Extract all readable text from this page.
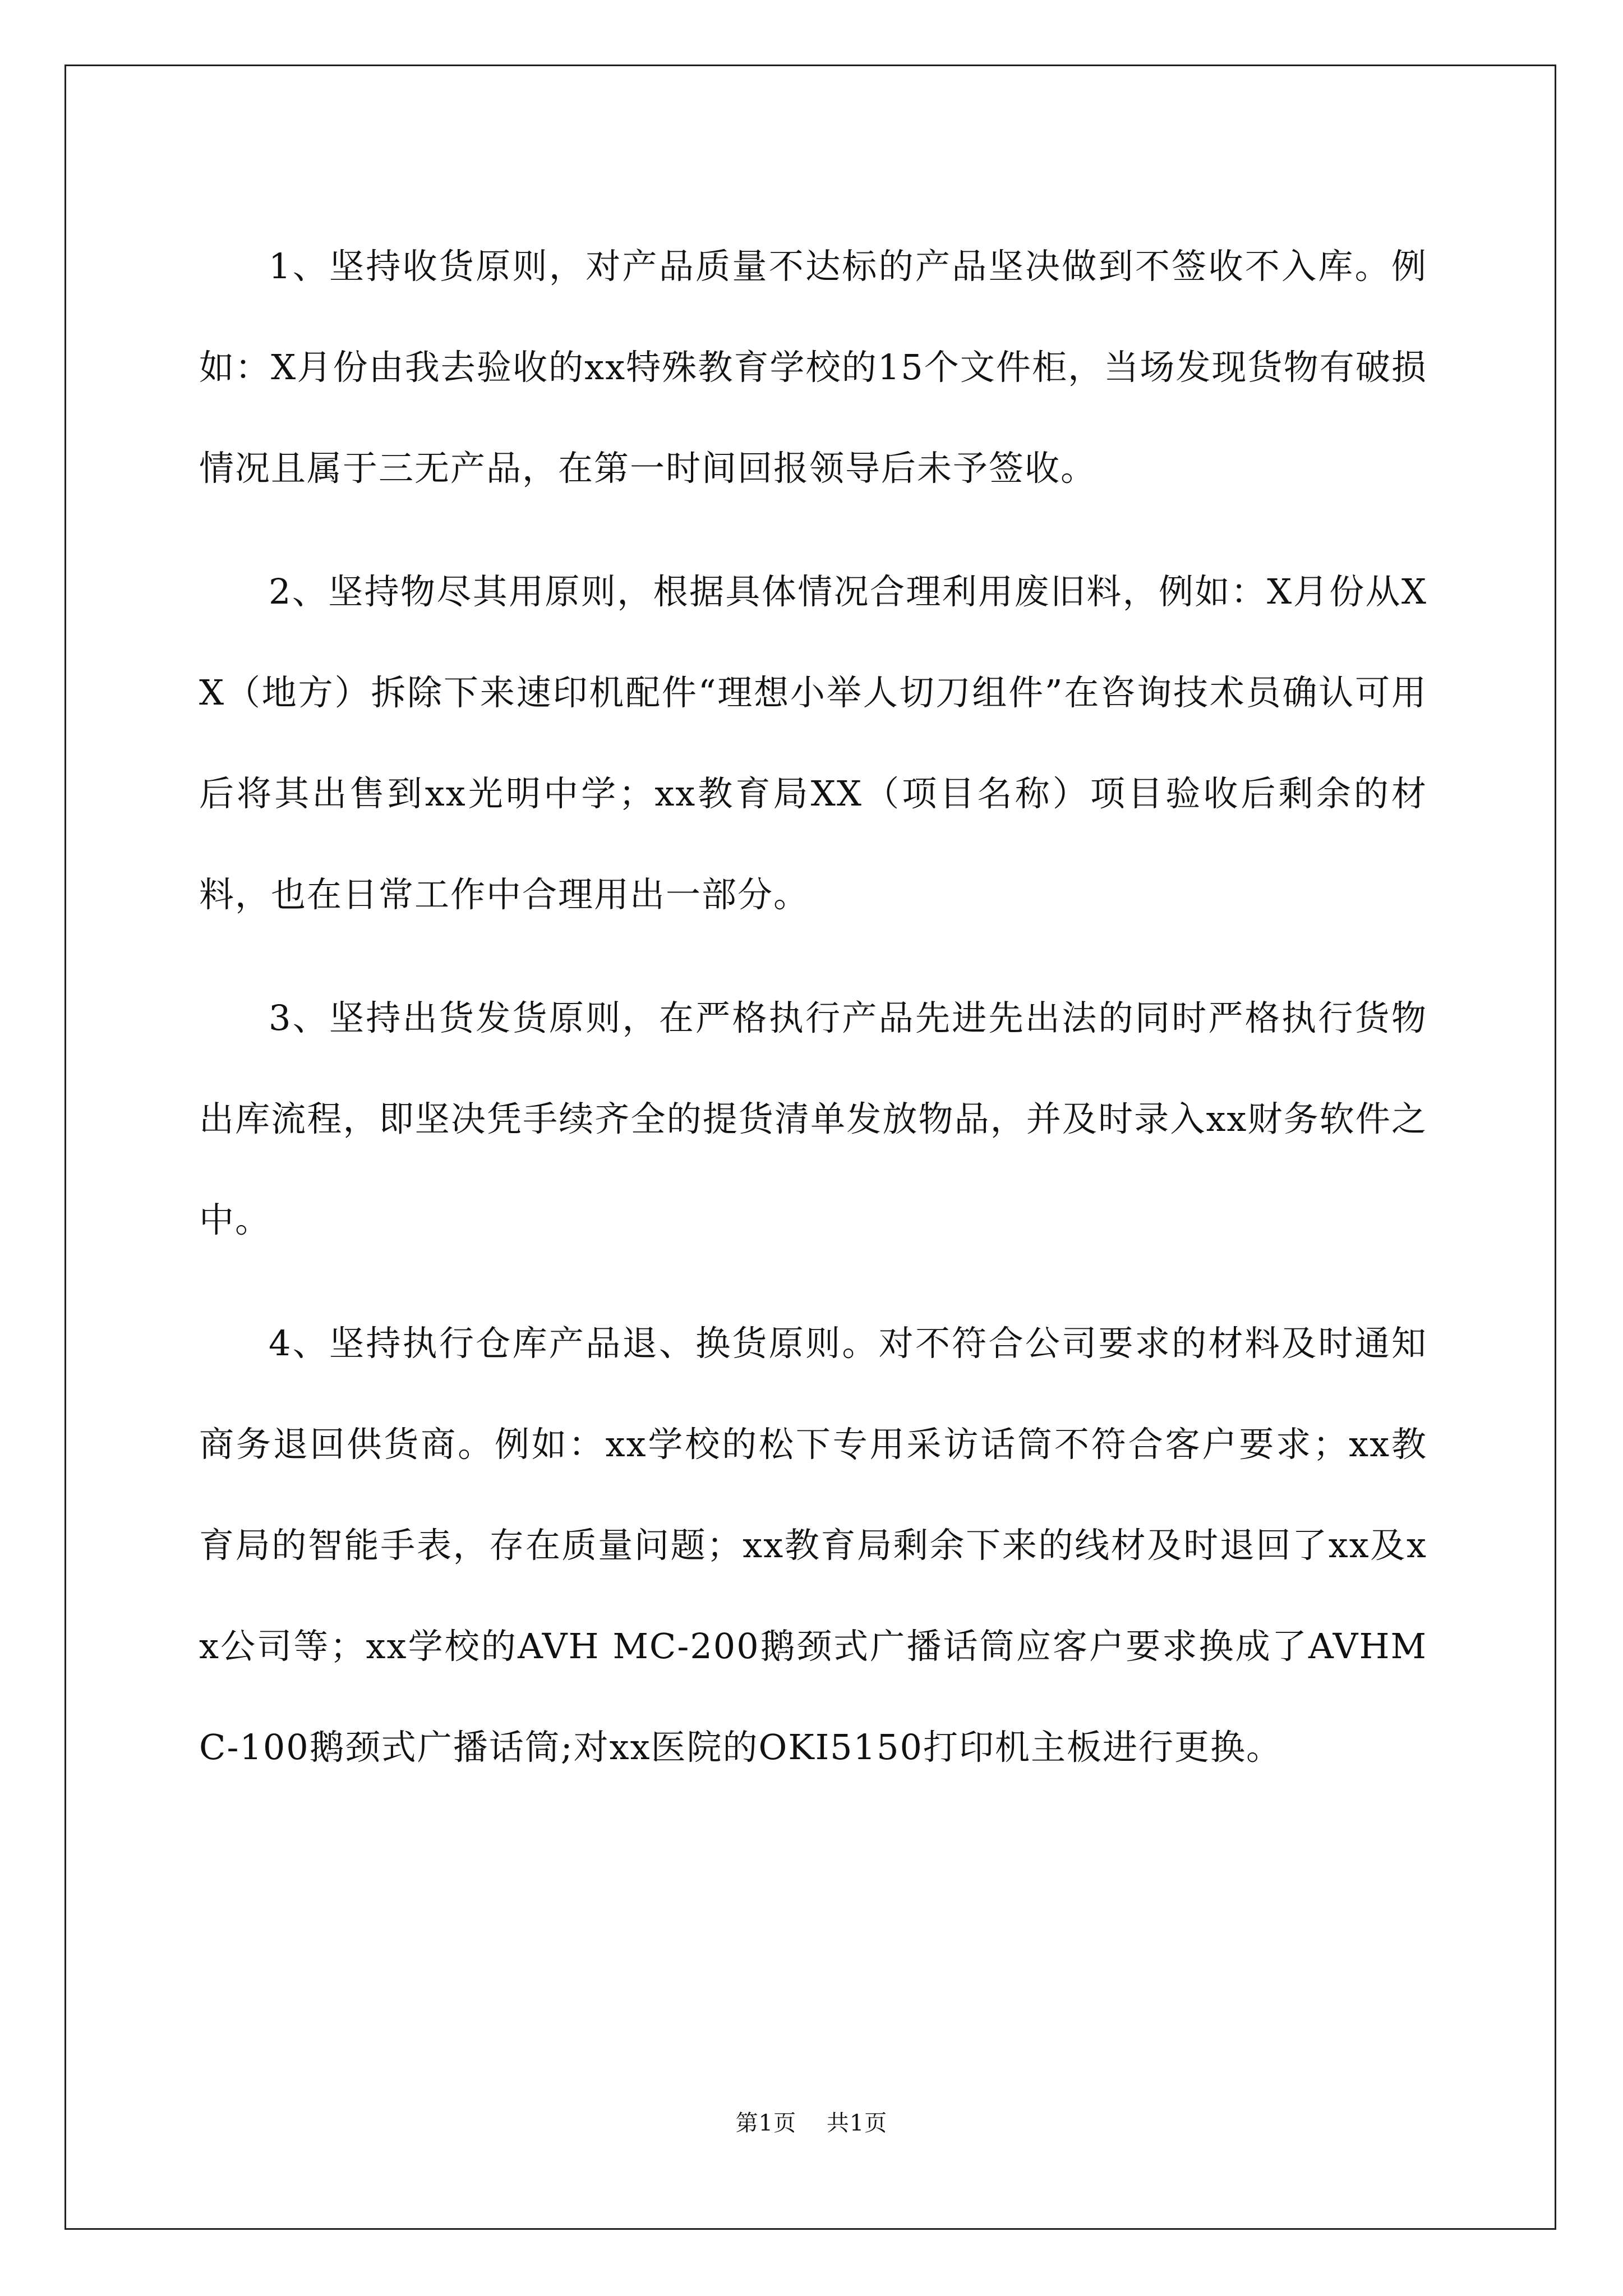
1、坚持收货原则，对产品质量不达标的产品坚决做到不签收不入库。例如：X月份由我去验收的xx特殊教育学校的15个文件柜，当场发现货物有破损情况且属于三无产品，在第一时间回报领导后未予签收。

2、坚持物尽其用原则，根据具体情况合理利用废旧料，例如：X月份从XX（地方）拆除下来速印机配件“理想小举人切刀组件”在咨询技术员确认可用后将其出售到xx光明中学；xx教育局XX（项目名称）项目验收后剩余的材料，也在日常工作中合理用出一部分。

3、坚持出货发货原则，在严格执行产品先进先出法的同时严格执行货物出库流程，即坚决凭手续齐全的提货清单发放物品，并及时录入xx财务软件之中。

4、坚持执行仓库产品退、换货原则。对不符合公司要求的材料及时通知商务退回供货商。例如：xx学校的松下专用采访话筒不符合客户要求；xx教育局的智能手表，存在质量问题；xx教育局剩余下来的线材及时退回了xx及xx公司等；xx学校的AVH MC-200鹅颈式广播话筒应客户要求换成了AVHMC-100鹅颈式广播话筒;对xx医院的OKI5150打印机主板进行更换。

第1页 共1页
